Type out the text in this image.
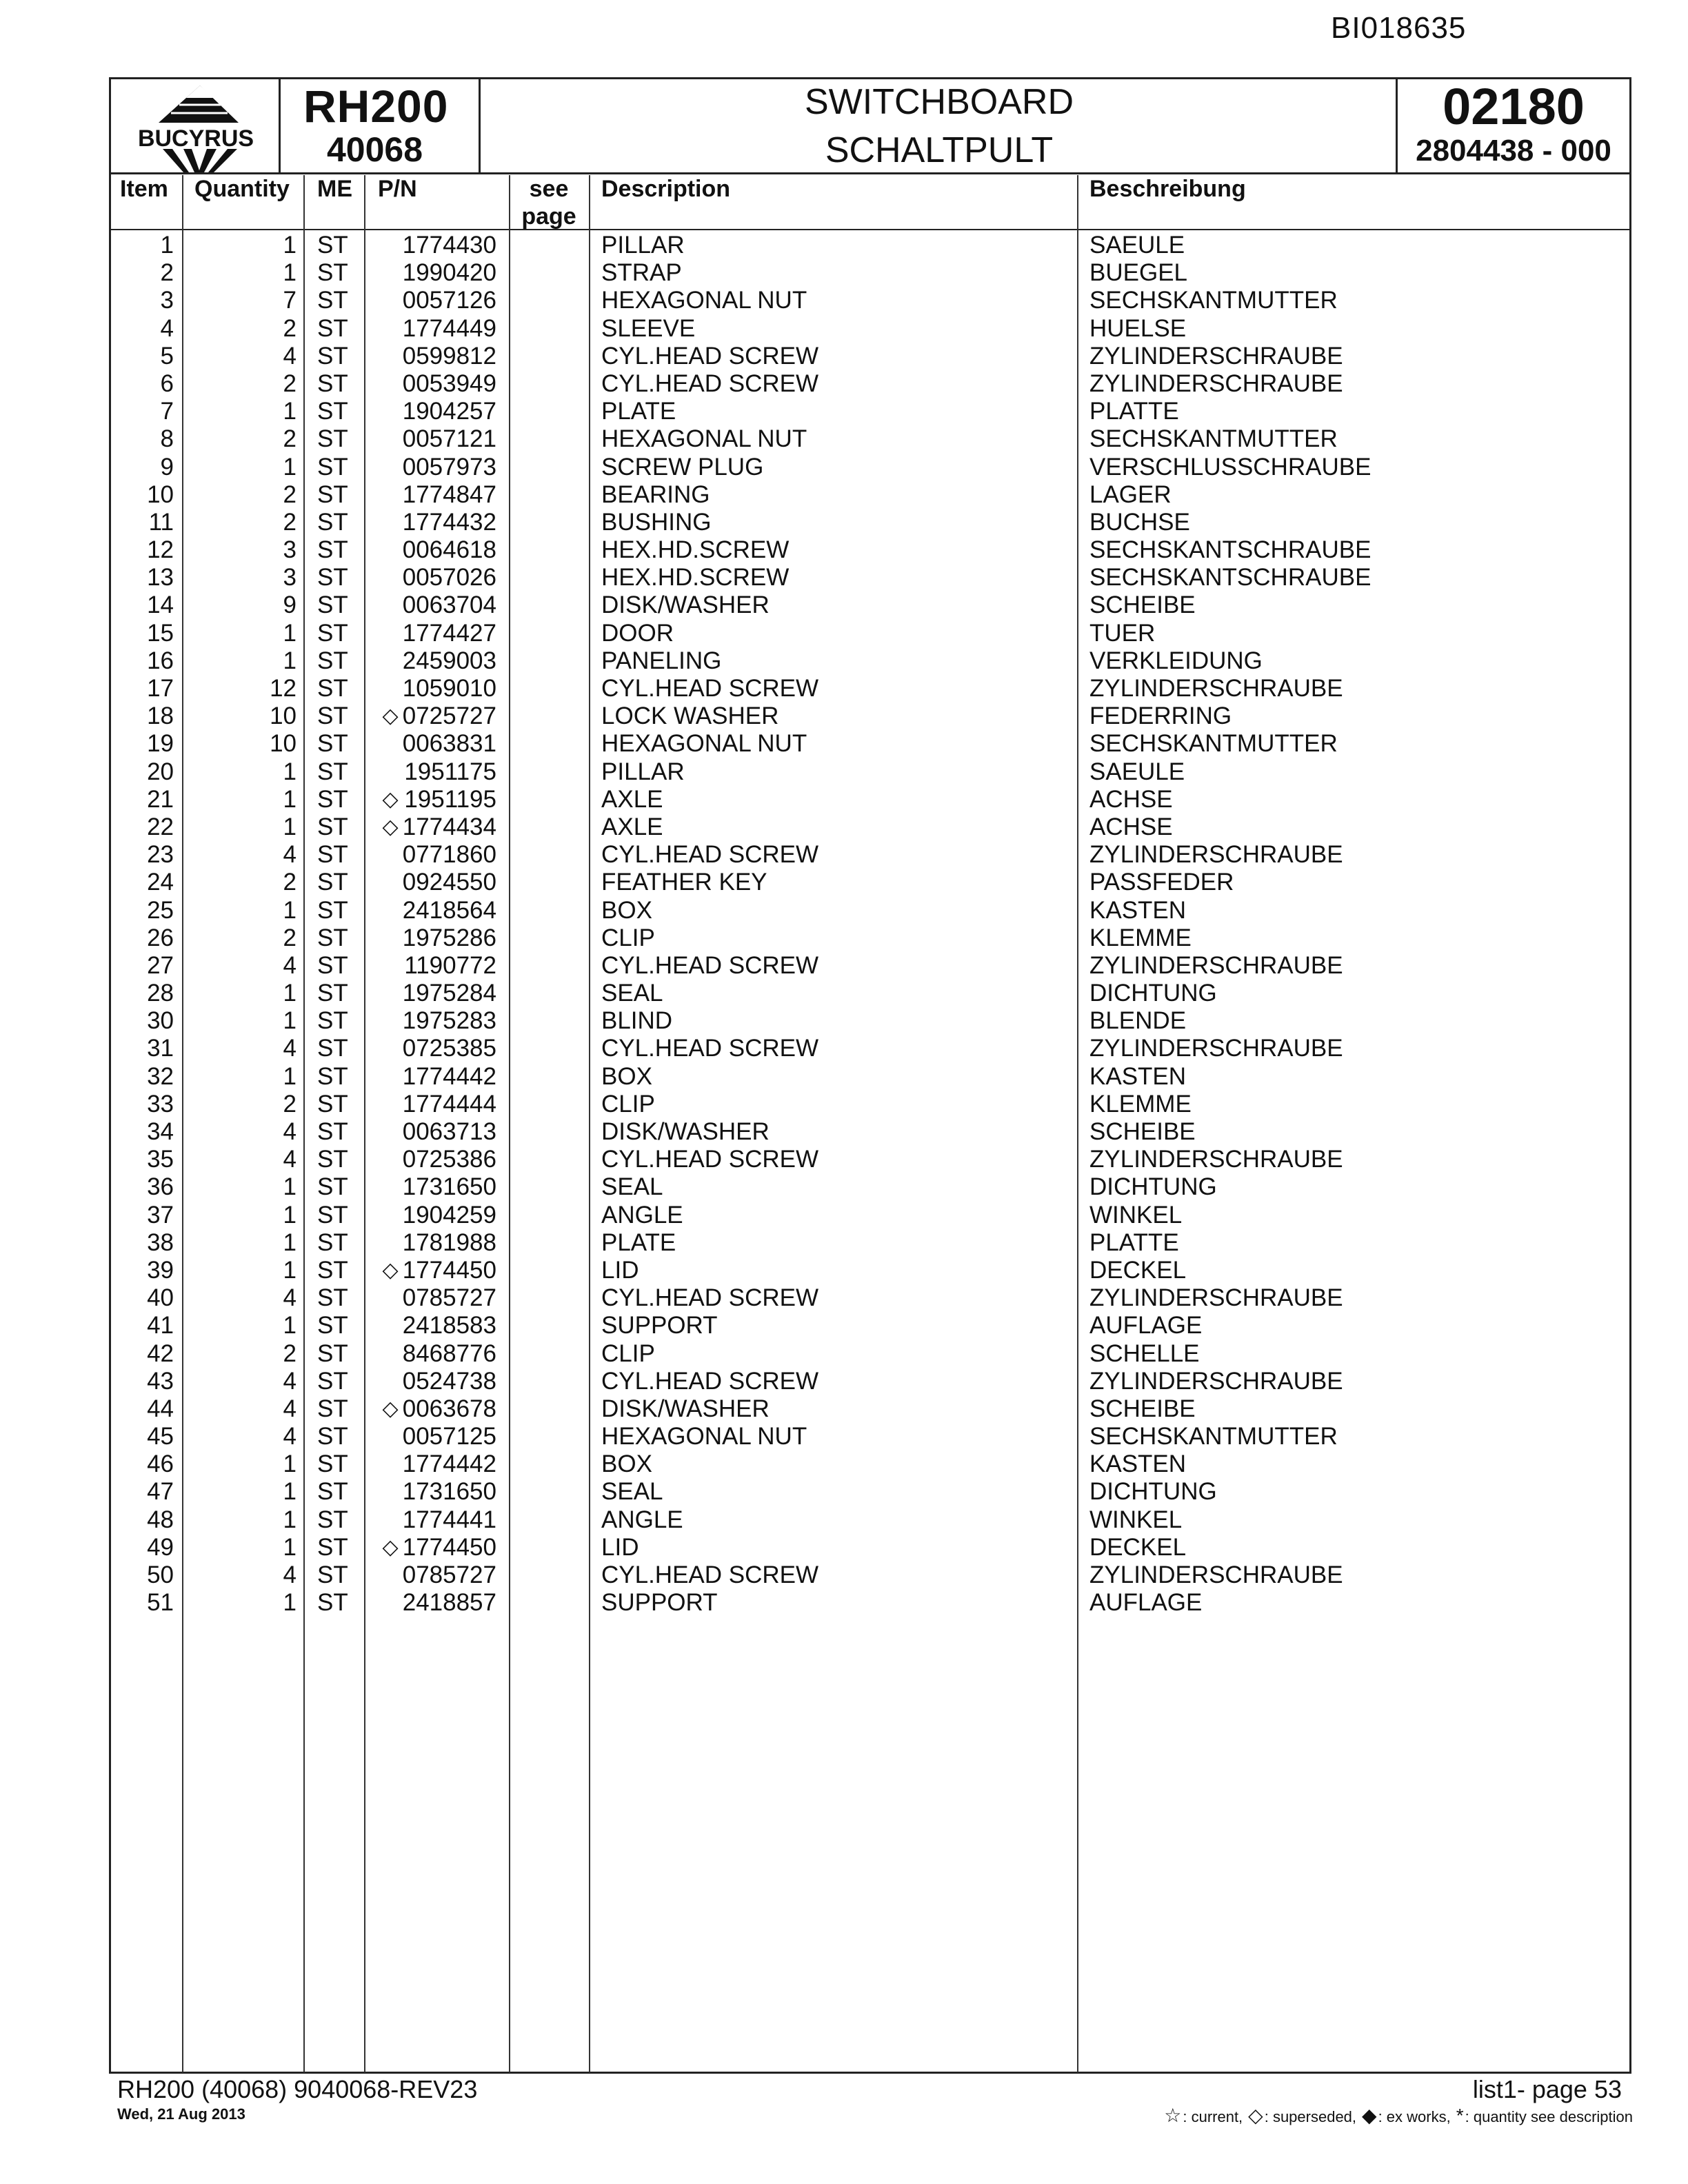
BI018635
BUCYRUS
RH200
40068
SWITCHBOARD
SCHALTPULT
02180
2804438 - 000
Item Quantity ME P/N	see page
Description	Beschreibung
1	1 ST 1774430	PILLAR	SAEULE
2	1 ST 1990420	STRAP	BUEGEL
3	7 ST 0057126	HEXAGONAL NUT	SECHSKANTMUTTER
4	2 ST 1774449	SLEEVE	HUELSE
5	4 ST 0599812	CYL.HEAD SCREW	ZYLINDERSCHRAUBE
6	2 ST 0053949	CYL.HEAD SCREW	ZYLINDERSCHRAUBE
7	1 ST 1904257	PLATE	PLATTE
8	2 ST 0057121	HEXAGONAL NUT	SECHSKANTMUTTER
9	1 ST 0057973	SCREW PLUG	VERSCHLUSSCHRAUBE
10	2 ST 1774847	BEARING	LAGER
11	2 ST 1774432	BUSHING	BUCHSE
12	3 ST 0064618	HEX.HD.SCREW	SECHSKANTSCHRAUBE
13	3 ST 0057026	HEX.HD.SCREW	SECHSKANTSCHRAUBE
14	9 ST 0063704	DISK/WASHER	SCHEIBE
15	1 ST 1774427	DOOR	TUER
16	1 ST 2459003	PANELING	VERKLEIDUNG
17	12 ST 1059010	CYL.HEAD SCREW	ZYLINDERSCHRAUBE
18	10 ST ◇ 0725727	LOCK WASHER	FEDERRING
19	10 ST 0063831	HEXAGONAL NUT	SECHSKANTMUTTER
20	1 ST 1951175	PILLAR	SAEULE
21	1 ST ◇ 1951195	AXLE	ACHSE
22	1 ST ◇ 1774434	AXLE	ACHSE
23	4 ST 0771860	CYL.HEAD SCREW	ZYLINDERSCHRAUBE
24	2 ST 0924550	FEATHER KEY	PASSFEDER
25	1 ST 2418564	BOX	KASTEN
26	2 ST 1975286	CLIP	KLEMME
27	4 ST 1190772	CYL.HEAD SCREW	ZYLINDERSCHRAUBE
28	1 ST 1975284	SEAL	DICHTUNG
30	1 ST 1975283	BLIND	BLENDE
31	4 ST 0725385	CYL.HEAD SCREW	ZYLINDERSCHRAUBE
32	1 ST 1774442	BOX	KASTEN
33	2 ST 1774444	CLIP	KLEMME
34	4 ST 0063713	DISK/WASHER	SCHEIBE
35	4 ST 0725386	CYL.HEAD SCREW	ZYLINDERSCHRAUBE
36	1 ST 1731650	SEAL	DICHTUNG
37	1 ST 1904259	ANGLE	WINKEL
38	1 ST 1781988	PLATE	PLATTE
39	1 ST ◇ 1774450	LID	DECKEL
40	4 ST 0785727	CYL.HEAD SCREW	ZYLINDERSCHRAUBE
41	1 ST 2418583	SUPPORT	AUFLAGE
42	2 ST 8468776	CLIP	SCHELLE
43	4 ST 0524738	CYL.HEAD SCREW	ZYLINDERSCHRAUBE
44	4 ST ◇ 0063678	DISK/WASHER	SCHEIBE
45	4 ST 0057125	HEXAGONAL NUT	SECHSKANTMUTTER
46	1 ST 1774442	BOX	KASTEN
47	1 ST 1731650	SEAL	DICHTUNG
48	1 ST 1774441	ANGLE	WINKEL
49	1 ST ◇ 1774450	LID	DECKEL
50	4 ST 0785727	CYL.HEAD SCREW	ZYLINDERSCHRAUBE
51	1 ST 2418857	SUPPORT	AUFLAGE
RH200 (40068) 9040068-REV23
Wed, 21 Aug 2013
list1- page 53
☆: current, ◇: superseded, ◆: ex works, *: quantity see description
